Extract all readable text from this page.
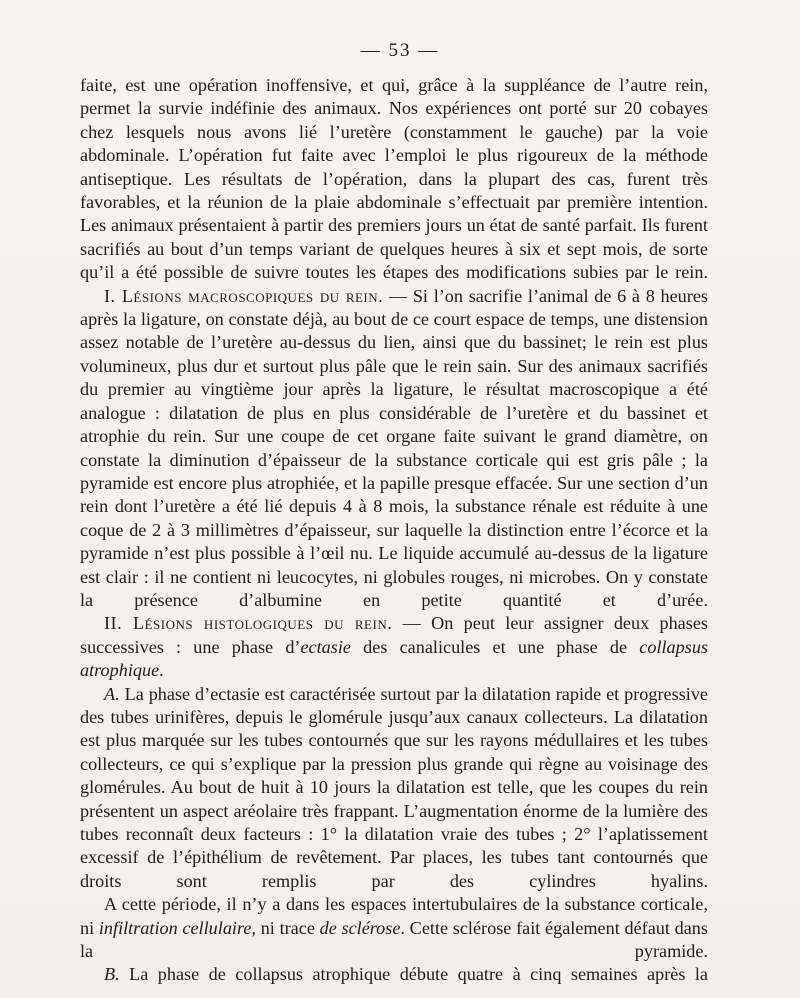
— 53 —

faite, est une opération inoffensive, et qui, grâce à la suppléance de l’autre rein, permet la survie indéfinie des animaux. Nos expériences ont porté sur 20 cobayes chez lesquels nous avons lié l’uretère (constamment le gauche) par la voie abdominale. L’opération fut faite avec l’emploi le plus rigoureux de la méthode antiseptique. Les résultats de l’opération, dans la plupart des cas, furent très favorables, et la réunion de la plaie abdominale s’effectuait par première intention. Les animaux présentaient à partir des premiers jours un état de santé parfait. Ils furent sacrifiés au bout d’un temps variant de quelques heures à six et sept mois, de sorte qu’il a été possible de suivre toutes les étapes des modifications subies par le rein.

I. Lésions macroscopiques du rein. — Si l’on sacrifie l’animal de 6 à 8 heures après la ligature, on constate déjà, au bout de ce court espace de temps, une distension assez notable de l’uretère au-dessus du lien, ainsi que du bassinet; le rein est plus volumineux, plus dur et surtout plus pâle que le rein sain. Sur des animaux sacrifiés du premier au vingtième jour après la ligature, le résultat macroscopique a été analogue : dilatation de plus en plus considérable de l’uretère et du bassinet et atrophie du rein. Sur une coupe de cet organe faite suivant le grand diamètre, on constate la diminution d’épaisseur de la substance corticale qui est gris pâle ; la pyramide est encore plus atrophiée, et la papille presque effacée. Sur une section d’un rein dont l’uretère a été lié depuis 4 à 8 mois, la substance rénale est réduite à une coque de 2 à 3 millimètres d’épaisseur, sur laquelle la distinction entre l’écorce et la pyramide n’est plus possible à l’œil nu. Le liquide accumulé au-dessus de la ligature est clair : il ne contient ni leucocytes, ni globules rouges, ni microbes. On y constate la présence d’albumine en petite quantité et d’urée.

II. Lésions histologiques du rein. — On peut leur assigner deux phases successives : une phase d’ectasie des canalicules et une phase de collapsus atrophique.

A. La phase d’ectasie est caractérisée surtout par la dilatation rapide et progressive des tubes urinifères, depuis le glomérule jusqu’aux canaux collecteurs. La dilatation est plus marquée sur les tubes contournés que sur les rayons médullaires et les tubes collecteurs, ce qui s’explique par la pression plus grande qui règne au voisinage des glomérules. Au bout de huit à 10 jours la dilatation est telle, que les coupes du rein présentent un aspect aréolaire très frappant. L’augmentation énorme de la lumière des tubes reconnaît deux facteurs : 1° la dilatation vraie des tubes ; 2° l’aplatissement excessif de l’épithélium de revêtement. Par places, les tubes tant contournés que droits sont remplis par des cylindres hyalins.

A cette période, il n’y a dans les espaces intertubulaires de la substance corticale, ni infiltration cellulaire, ni trace de sclérose. Cette sclérose fait également défaut dans la pyramide.

B. La phase de collapsus atrophique débute quatre à cinq semaines après la
